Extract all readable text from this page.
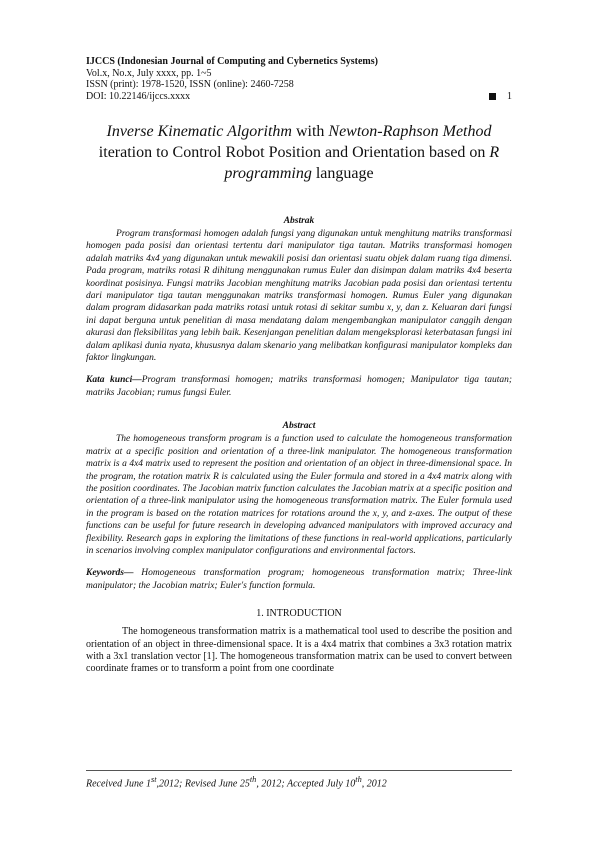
IJCCS (Indonesian Journal of Computing and Cybernetics Systems)
Vol.x, No.x, July xxxx, pp. 1~5
ISSN (print): 1978-1520, ISSN (online): 2460-7258
DOI: 10.22146/ijccs.xxxx	1
Inverse Kinematic Algorithm with Newton-Raphson Method iteration to Control Robot Position and Orientation based on R programming language
Abstrak
Program transformasi homogen adalah fungsi yang digunakan untuk menghitung matriks transformasi homogen pada posisi dan orientasi tertentu dari manipulator tiga tautan. Matriks transformasi homogen adalah matriks 4x4 yang digunakan untuk mewakili posisi dan orientasi suatu objek dalam ruang tiga dimensi. Pada program, matriks rotasi R dihitung menggunakan rumus Euler dan disimpan dalam matriks 4x4 beserta koordinat posisinya. Fungsi matriks Jacobian menghitung matriks Jacobian pada posisi dan orientasi tertentu dari manipulator tiga tautan menggunakan matriks transformasi homogen. Rumus Euler yang digunakan dalam program didasarkan pada matriks rotasi untuk rotasi di sekitar sumbu x, y, dan z. Keluaran dari fungsi ini dapat berguna untuk penelitian di masa mendatang dalam mengembangkan manipulator canggih dengan akurasi dan fleksibilitas yang lebih baik. Kesenjangan penelitian dalam mengeksplorasi keterbatasan fungsi ini dalam aplikasi dunia nyata, khususnya dalam skenario yang melibatkan konfigurasi manipulator kompleks dan faktor lingkungan.
Kata kunci—Program transformasi homogen; matriks transformasi homogen; Manipulator tiga tautan; matriks Jacobian; rumus fungsi Euler.
Abstract
The homogeneous transform program is a function used to calculate the homogeneous transformation matrix at a specific position and orientation of a three-link manipulator. The homogeneous transformation matrix is a 4x4 matrix used to represent the position and orientation of an object in three-dimensional space. In the program, the rotation matrix R is calculated using the Euler formula and stored in a 4x4 matrix along with the position coordinates. The Jacobian matrix function calculates the Jacobian matrix at a specific position and orientation of a three-link manipulator using the homogeneous transformation matrix. The Euler formula used in the program is based on the rotation matrices for rotations around the x, y, and z-axes. The output of these functions can be useful for future research in developing advanced manipulators with improved accuracy and flexibility. Research gaps in exploring the limitations of these functions in real-world applications, particularly in scenarios involving complex manipulator configurations and environmental factors.
Keywords— Homogeneous transformation program; homogeneous transformation matrix; Three-link manipulator; the Jacobian matrix; Euler's function formula.
1. INTRODUCTION
The homogeneous transformation matrix is a mathematical tool used to describe the position and orientation of an object in three-dimensional space. It is a 4x4 matrix that combines a 3x3 rotation matrix with a 3x1 translation vector [1]. The homogeneous transformation matrix can be used to convert between coordinate frames or to transform a point from one coordinate
Received June 1st,2012; Revised June 25th, 2012; Accepted July 10th, 2012
